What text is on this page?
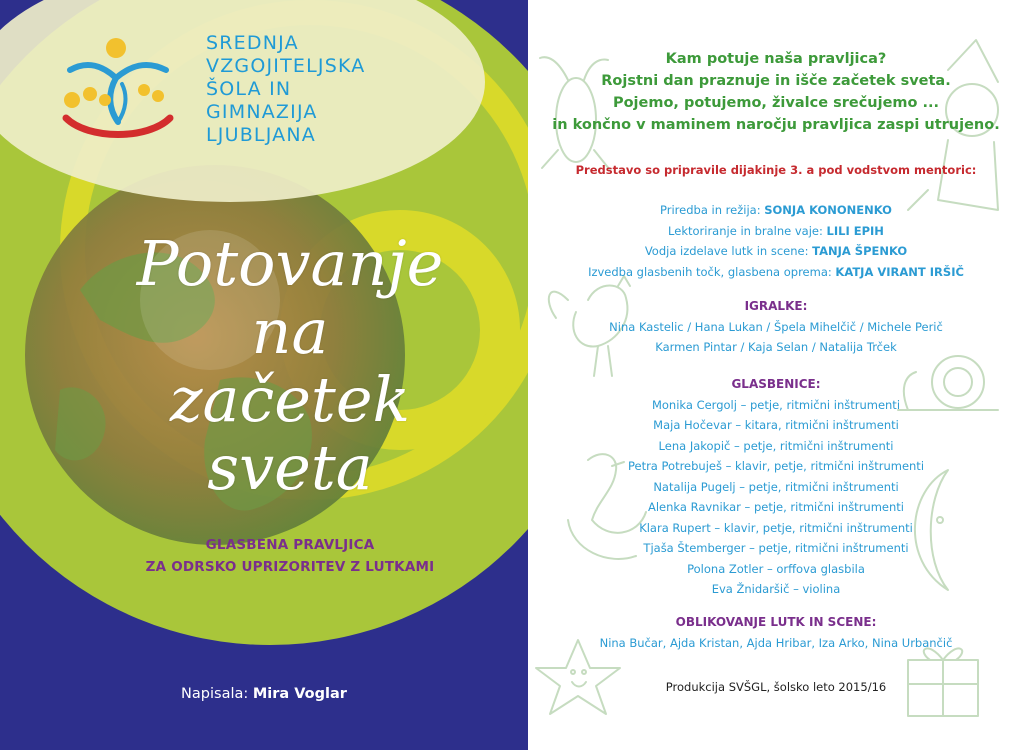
SREDNJA
VZGOJITELJSKA
ŠOLA IN
GIMNAZIJA
LJUBLJANA
Potovanje
na
začetek
sveta
GLASBENA PRAVLJICA
ZA ODRSKO UPRIZORITEV Z LUTKAMI
Napisala: Mira Voglar
Kam potuje naša pravljica?
Rojstni dan praznuje in išče začetek sveta.
Pojemo, potujemo, živalce srečujemo ...
in končno v maminem naročju pravljica zaspi utrujeno.
Predstavo so pripravile dijakinje 3. a pod vodstvom mentoric:
Priredba in režija: SONJA KONONENKO
Lektoriranje in bralne vaje: LILI EPIH
Vodja izdelave lutk in scene: TANJA ŠPENKO
Izvedba glasbenih točk, glasbena oprema: KATJA VIRANT IRŠIČ
IGRALKE:
Nina Kastelic / Hana Lukan / Špela Mihelčič / Michele Perič
Karmen Pintar / Kaja Selan / Natalija Trček
GLASBENICE:
Monika Cergolj – petje, ritmični inštrumenti
Maja Hočevar – kitara, ritmični inštrumenti
Lena Jakopič – petje, ritmični inštrumenti
Petra Potrebuješ – klavir, petje, ritmični inštrumenti
Natalija Pugelj – petje, ritmični inštrumenti
Alenka Ravnikar – petje, ritmični inštrumenti
Klara Rupert – klavir, petje, ritmični inštrumenti
Tjaša Štemberger – petje, ritmični inštrumenti
Polona Zotler – orffova glasbila
Eva Žnidaršič – violina
OBLIKOVANJE LUTK IN SCENE:
Nina Bučar, Ajda Kristan, Ajda Hribar, Iza Arko, Nina Urbančič
Produkcija SVŠGL, šolsko leto 2015/16
